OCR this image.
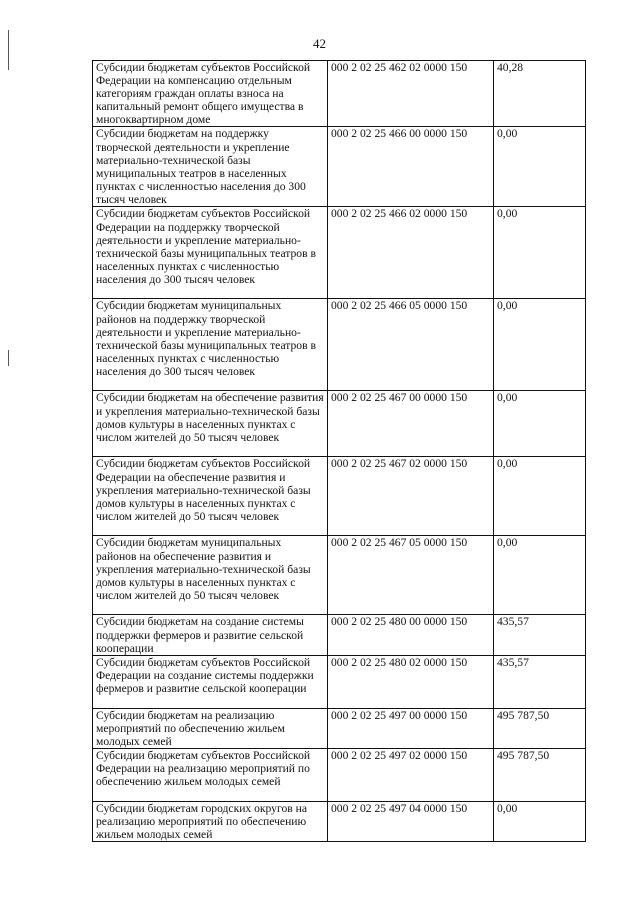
42
Субсидии бюджетам субъектов Российской Федерации на компенсацию отдельным категориям граждан оплаты взноса на капитальный ремонт общего имущества в многоквартирном доме	000 2 02 25 462 02 0000 150	40,28
Субсидии бюджетам на поддержку творческой деятельности и укрепление материально-технической базы муниципальных театров в населенных пунктах с численностью населения до 300 тысяч человек	000 2 02 25 466 00 0000 150	0,00
Субсидии бюджетам субъектов Российской Федерации на поддержку творческой деятельности и укрепление материально-технической базы муниципальных театров в населенных пунктах с численностью населения до 300 тысяч человек	000 2 02 25 466 02 0000 150	0,00
Субсидии бюджетам муниципальных районов на поддержку творческой деятельности и укрепление материально-технической базы муниципальных театров в населенных пунктах с численностью населения до 300 тысяч человек	000 2 02 25 466 05 0000 150	0,00
Субсидии бюджетам на обеспечение развития и укрепления материально-технической базы домов культуры в населенных пунктах с числом жителей до 50 тысяч человек	000 2 02 25 467 00 0000 150	0,00
Субсидии бюджетам субъектов Российской Федерации на обеспечение развития и укрепления материально-технической базы домов культуры в населенных пунктах с числом жителей до 50 тысяч человек	000 2 02 25 467 02 0000 150	0,00
Субсидии бюджетам муниципальных районов на обеспечение развития и укрепления материально-технической базы домов культуры в населенных пунктах с числом жителей до 50 тысяч человек	000 2 02 25 467 05 0000 150	0,00
Субсидии бюджетам на создание системы поддержки фермеров и развитие сельской кооперации	000 2 02 25 480 00 0000 150	435,57
Субсидии бюджетам субъектов Российской Федерации на создание системы поддержки фермеров и развитие сельской кооперации	000 2 02 25 480 02 0000 150	435,57
Субсидии бюджетам на реализацию мероприятий по обеспечению жильем молодых семей	000 2 02 25 497 00 0000 150	495 787,50
Субсидии бюджетам субъектов Российской Федерации на реализацию мероприятий по обеспечению жильем молодых семей	000 2 02 25 497 02 0000 150	495 787,50
Субсидии бюджетам городских округов на реализацию мероприятий по обеспечению жильем молодых семей	000 2 02 25 497 04 0000 150	0,00
